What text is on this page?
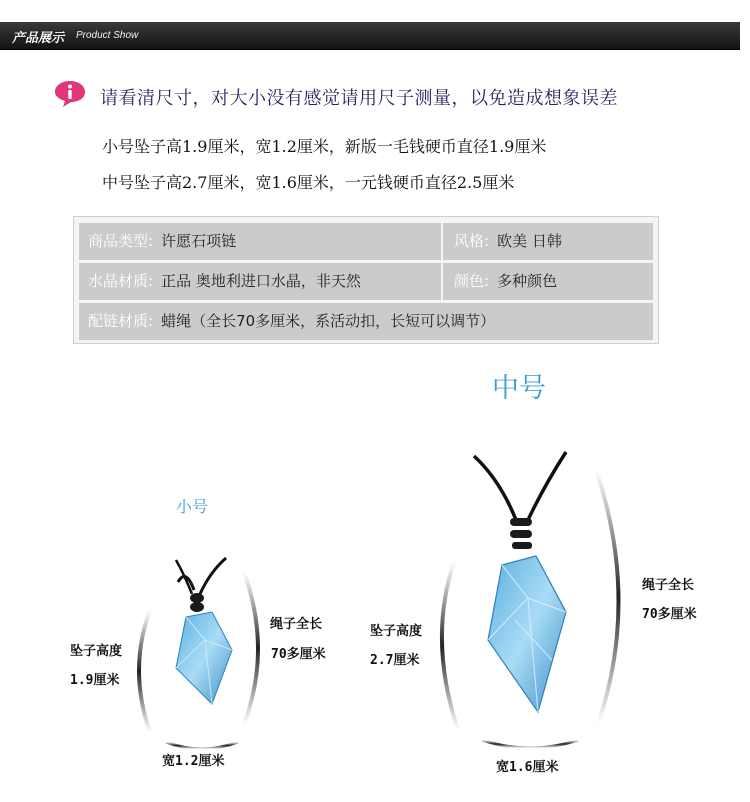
产品展示 Product Show
请看清尺寸，对大小没有感觉请用尺子测量，以免造成想象误差
小号坠子高1.9厘米，宽1.2厘米，新版一毛钱硬币直径1.9厘米
中号坠子高2.7厘米，宽1.6厘米，一元钱硬币直径2.5厘米
商品类型: 许愿石项链	风格: 欧美 日韩
水晶材质: 正品 奥地利进口水晶，非天然	颜色: 多种颜色
配链材质: 蜡绳（全长70多厘米，系活动扣，长短可以调节）
中号
小号
绳子全长
70多厘米
坠子高度
1.9厘米
宽1.2厘米
绳子全长
70多厘米
坠子高度
2.7厘米
宽1.6厘米
